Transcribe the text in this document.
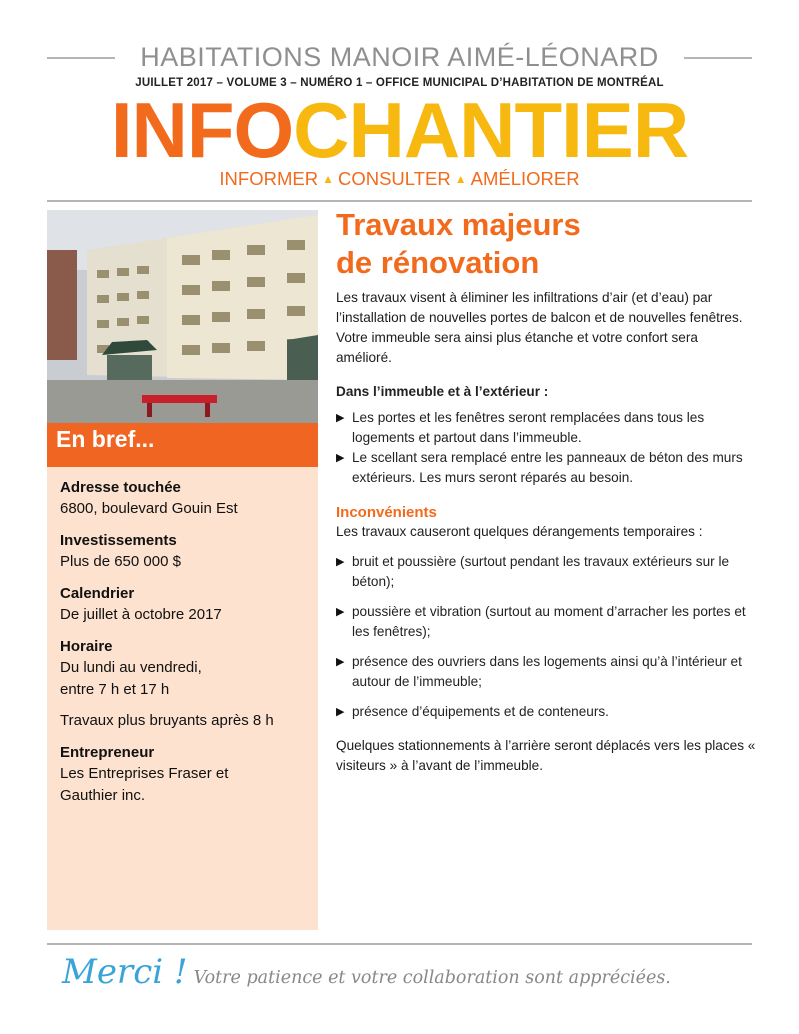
HABITATIONS MANOIR AIMÉ-LÉONARD
JUILLET 2017 – VOLUME 3 – NUMÉRO 1 – OFFICE MUNICIPAL D’HABITATION DE MONTRÉAL
INFOCHANTIER
INFORMER ▲ CONSULTER ▲ AMÉLIORER
En bref...
Adresse touchée
6800, boulevard Gouin Est
Investissements
Plus de 650 000 $
Calendrier
De juillet à octobre 2017
Horaire
Du lundi au vendredi,
entre 7 h et 17 h
Travaux plus bruyants après 8 h
Entrepreneur
Les Entreprises Fraser et
Gauthier inc.
Travaux majeurs
de rénovation

Les travaux visent à éliminer les infiltrations d’air (et d’eau) par l’installation de nouvelles portes de balcon et de nouvelles fenêtres. Votre immeuble sera ainsi plus étanche et votre confort sera amélioré.

Dans l’immeuble et à l’extérieur :
▶ Les portes et les fenêtres seront remplacées dans tous les logements et partout dans l’immeuble.
▶ Le scellant sera remplacé entre les panneaux de béton des murs extérieurs. Les murs seront réparés au besoin.
Inconvénients

Les travaux causeront quelques dérangements temporaires :

▶ bruit et poussière (surtout pendant les travaux extérieurs sur le béton);
▶ poussière et vibration (surtout au moment d’arracher les portes et les fenêtres);
▶ présence des ouvriers dans les logements ainsi qu’à l’intérieur et autour de l’immeuble;
▶ présence d’équipements et de conteneurs.

Quelques stationnements à l’arrière seront déplacés vers les places « visiteurs » à l’avant de l’immeuble.

Merci ! Votre patience et votre collaboration sont appréciées.
